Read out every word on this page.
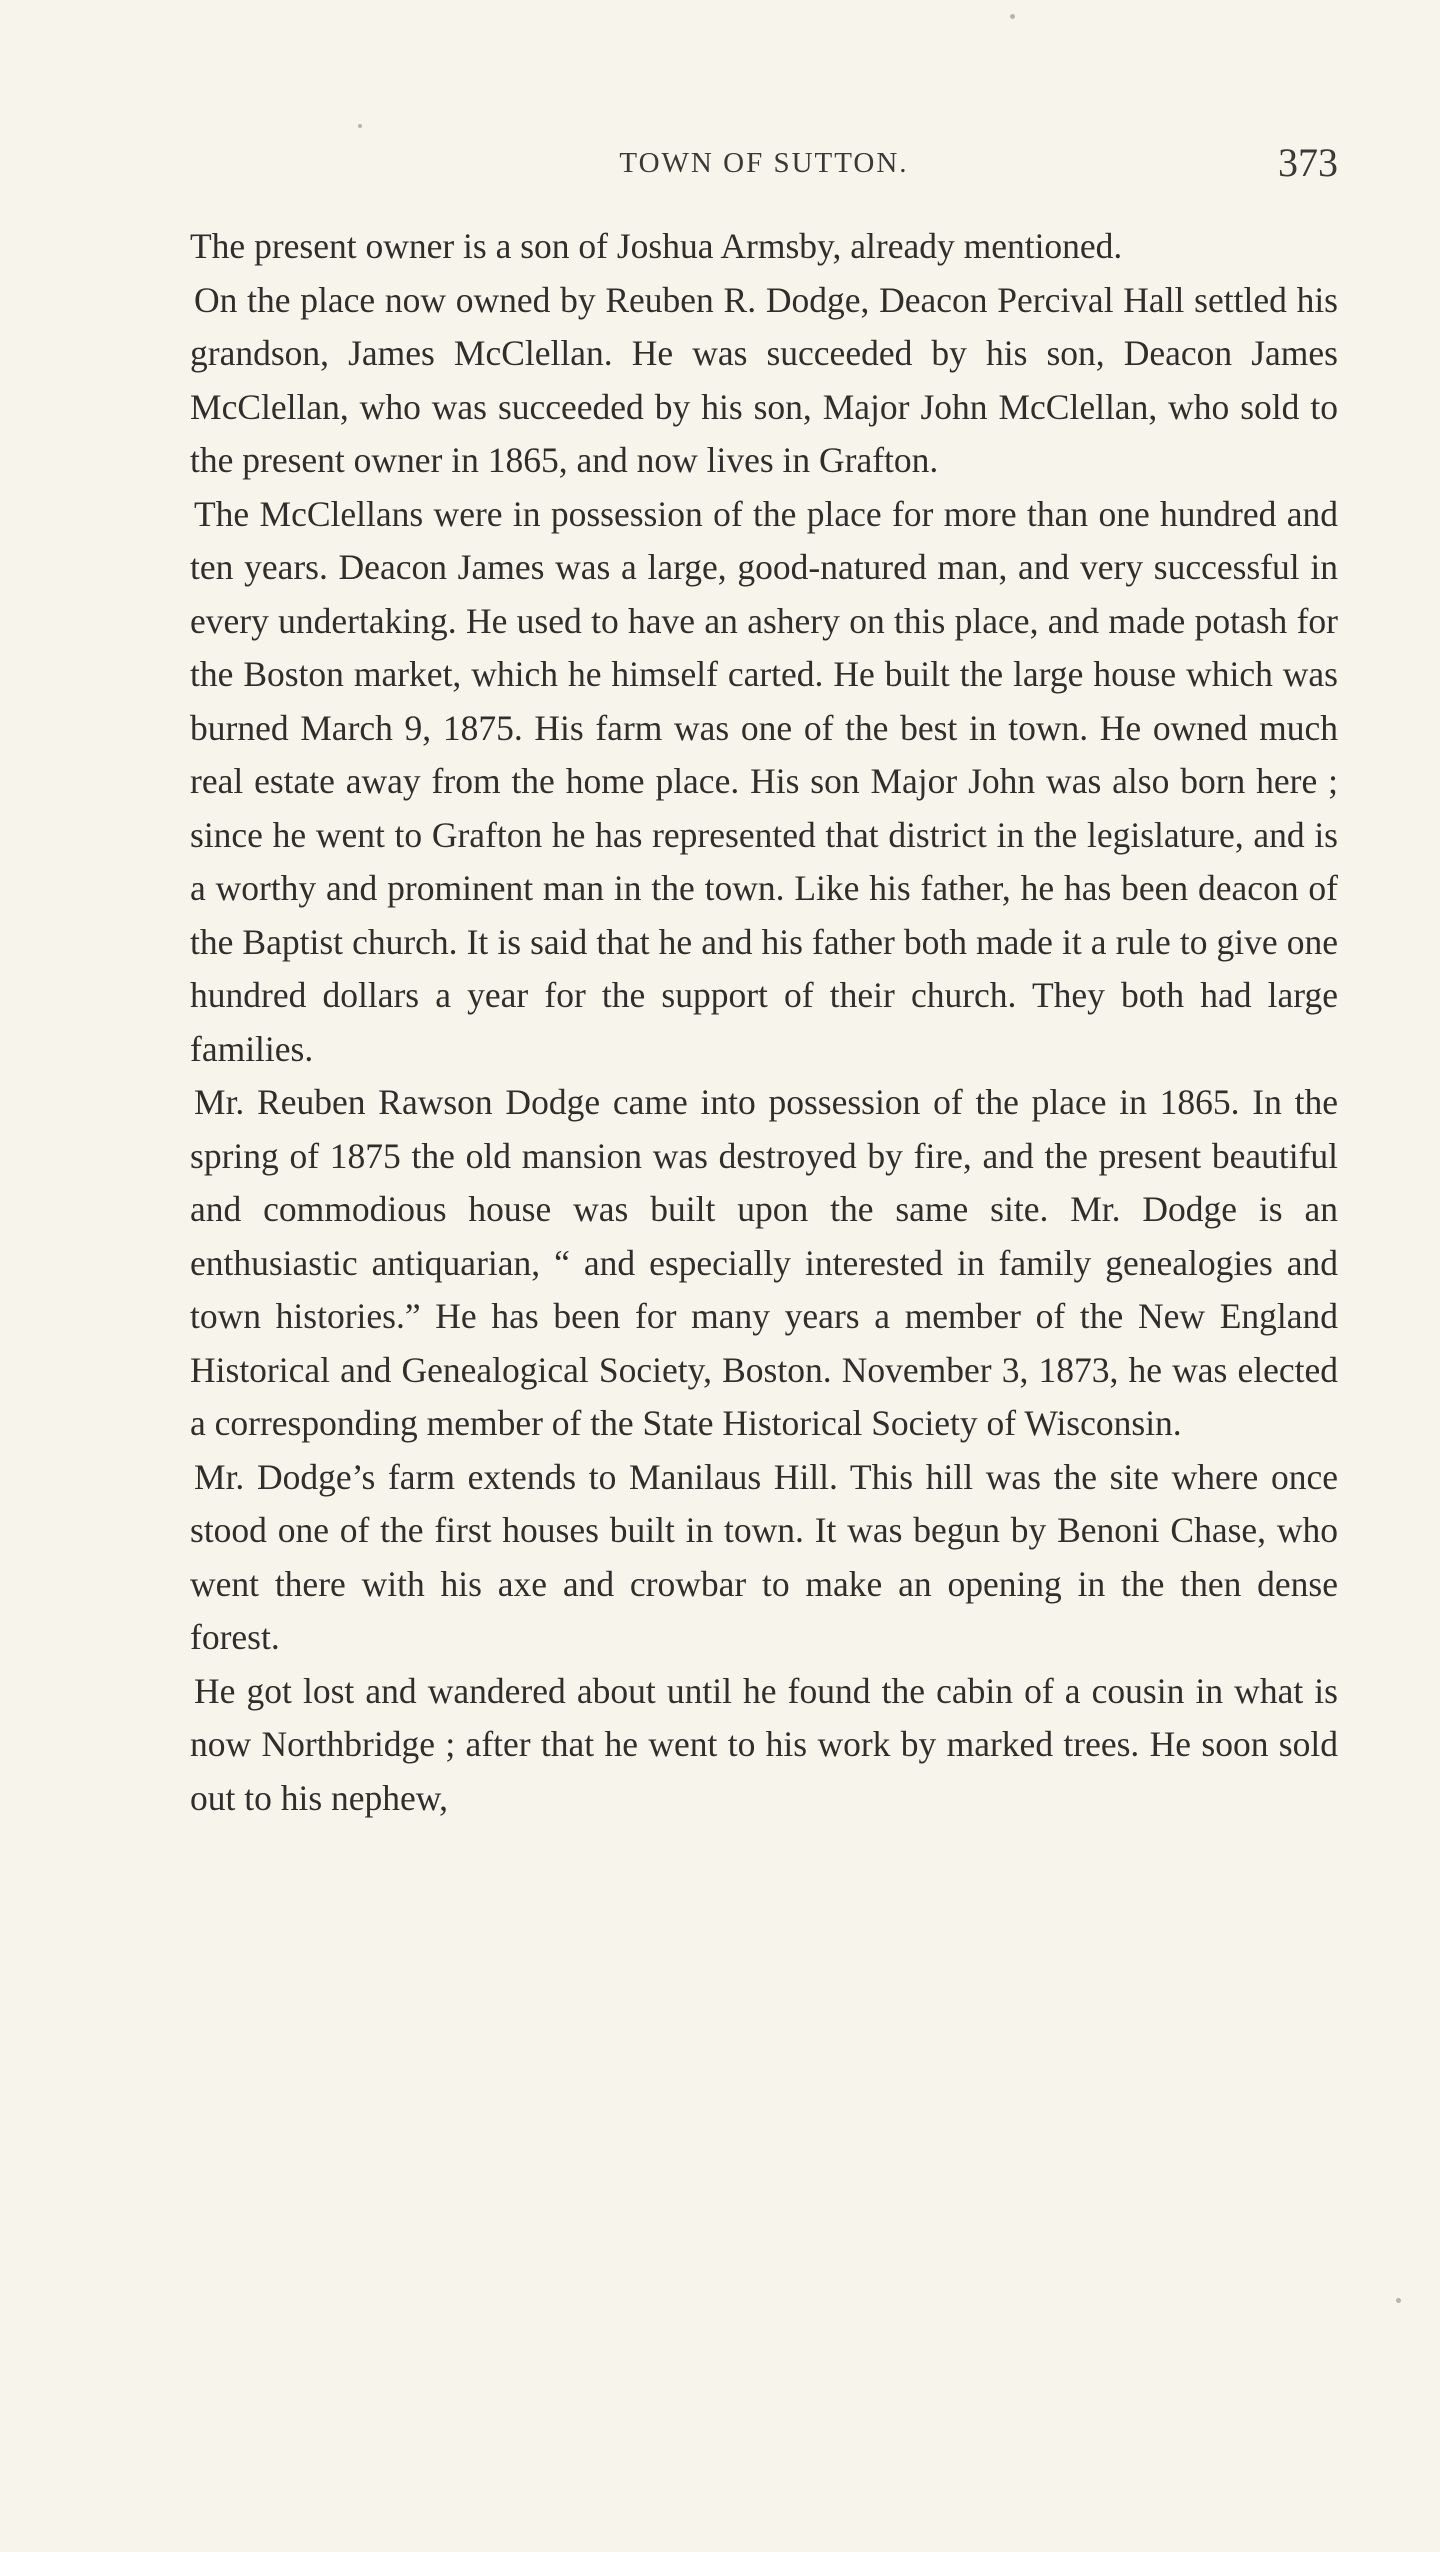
TOWN OF SUTTON.	373

The present owner is a son of Joshua Armsby, already mentioned.

On the place now owned by Reuben R. Dodge, Deacon Percival Hall settled his grandson, James McClellan. He was succeeded by his son, Deacon James McClellan, who was succeeded by his son, Major John McClellan, who sold to the present owner in 1865, and now lives in Grafton.

The McClellans were in possession of the place for more than one hundred and ten years. Deacon James was a large, good-natured man, and very successful in every undertaking. He used to have an ashery on this place, and made potash for the Boston market, which he himself carted. He built the large house which was burned March 9, 1875. His farm was one of the best in town. He owned much real estate away from the home place. His son Major John was also born here ; since he went to Grafton he has represented that district in the legislature, and is a worthy and prominent man in the town. Like his father, he has been deacon of the Baptist church. It is said that he and his father both made it a rule to give one hundred dollars a year for the support of their church. They both had large families.

Mr. Reuben Rawson Dodge came into possession of the place in 1865. In the spring of 1875 the old mansion was destroyed by fire, and the present beautiful and commodious house was built upon the same site. Mr. Dodge is an enthusiastic antiquarian, “ and especially interested in family genealogies and town histories.” He has been for many years a member of the New England Historical and Genealogical Society, Boston. November 3, 1873, he was elected a corresponding member of the State Historical Society of Wisconsin.

Mr. Dodge’s farm extends to Manilaus Hill. This hill was the site where once stood one of the first houses built in town. It was begun by Benoni Chase, who went there with his axe and crowbar to make an opening in the then dense forest.

He got lost and wandered about until he found the cabin of a cousin in what is now Northbridge ; after that he went to his work by marked trees. He soon sold out to his nephew,
